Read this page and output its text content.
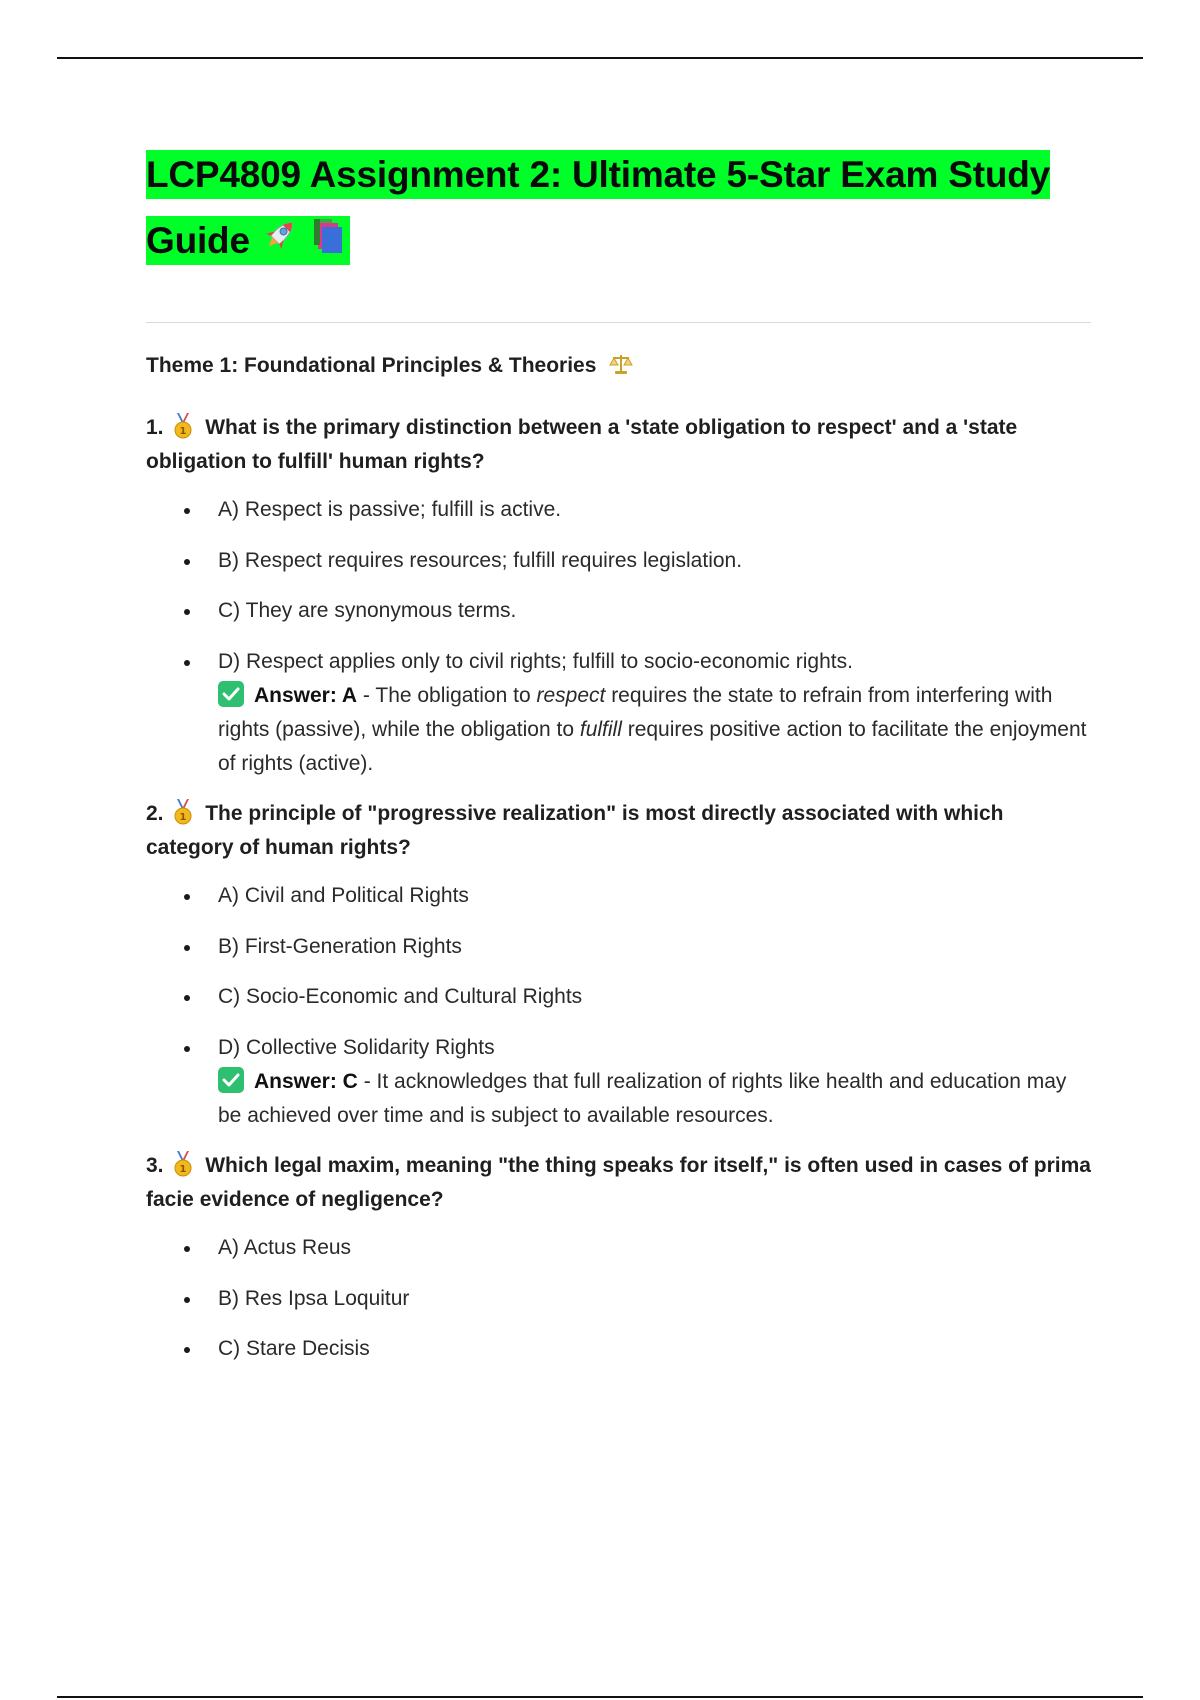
LCP4809 Assignment 2: Ultimate 5-Star Exam Study
Guide
Theme 1: Foundational Principles & Theories
1. 1 What is the primary distinction between a 'state obligation to respect' and a 'state obligation to fulfill' human rights?
A) Respect is passive; fulfill is active.
B) Respect requires resources; fulfill requires legislation.
C) They are synonymous terms.
D) Respect applies only to civil rights; fulfill to socio-economic rights.
Answer: A - The obligation to respect requires the state to refrain from interfering with rights (passive), while the obligation to fulfill requires positive action to facilitate the enjoyment of rights (active).
2. 1 The principle of "progressive realization" is most directly associated with which category of human rights?
A) Civil and Political Rights
B) First-Generation Rights
C) Socio-Economic and Cultural Rights
D) Collective Solidarity Rights
Answer: C - It acknowledges that full realization of rights like health and education may be achieved over time and is subject to available resources.
3. 1 Which legal maxim, meaning "the thing speaks for itself," is often used in cases of prima facie evidence of negligence?
A) Actus Reus
B) Res Ipsa Loquitur
C) Stare Decisis
